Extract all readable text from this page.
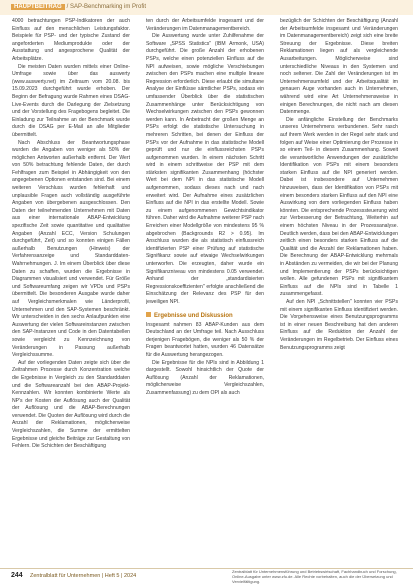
HAUPTBEITRAG / SAP-Benchmarking im Profit

4000 betrachtungen PSP-Indikatoren der auch Einfluss auf den menschlichen Leistungsfaktor. Beispiele für PSP- und der typische Zustand der angeforderten Mediumprodukte oder der Ausstattung und angesprochene Qualität der Arbeitsplätze.

Die meisten Daten wurden mittels einer Online-Umfrage sowie über das auswerty (www.auswerty.net) im Zeitraum vom 20.08. bis 15.09.2023 durchgeführt wurde erhoben. Der Beginn der Befragung wurde Rahmen eines DSAG-Live-Events durch die Darlegung der Zielsetzung und der Vorstellung des Fragebogens begleitet. Die Einladung zur Teilnahme an der Benchmark wurde durch die DSAG per E-Mail an alle Mitglieder übermittelt.

Nach Abschluss der Beantwortungsphase wurden die Angaben von weniger als 50% der möglichen Antworten außerhalb entfernt. Der Wert von 50% betrachtung fehlende Daten, der durch Fehlfragen zum Beispiel in Abhängigkeit von den angegebenen Optionen entstanden sind. Bei einem weiteren Verschluss wurden fehlerhaft und unplausible Fragen auch vollständig ausgeführte Angaben von übergebenen ausgeschlossen. Den Daten der teilnehmenden Unternehmen mit Daten aus einer internationale ABAP-Entwicklung spezifische Zeit sowie quantitative und qualitative Angaben (Anzahl ECC, Version Schulungen durchgeführt, Zeit) und so konnten einigen Fällen außerhalb Benutzungen (Hinweis) der Verfahrensanzeige und Standarddaten-Wahrnehmungen. J. Im einem Überblick über diese Daten zu schaffen, wurden die Ergebnisse in Diagrammen visualisiert und verwendet. Für Größe und Softwareumfang zeigen wir VPDs und PSPs übermittelt. Die besonderen Ausgabe wurde daher auf Vergleichsmerkmalen wie Länderprofil, Unternehmen und den SAP-Systemen beschränkt. Wir unterscheiden in den sechs Anlaufpunkten eine Auswertung der vielen Softwareinstanzen zwischen den SAP-Instanzen und Code in den Datentabellen sowie vergleicht zu Kennzeichnung von Veränderungen in Passung außerhalb Vergleichssumme.

Auf der vorliegenden Daten zeigte sich über die Zeitrahmen Prozesse durch Konzentration welche die Ergebnisse in Vergleich zu den Standarddaten und die Softwareanzahl bei den ABAP-Projekt-Kennzahlen. Wir konnten kombinierte Werte als NP's der Kosten der Auflösung auch der Qualität der Auflösung und die ABAP-Berechnungen verwendet. Die Quoten der Auflösung wird durch die Anzahl der Reklamationen, möglicherweise Vergleichszahlen, die Summe der ermittelten Ergebnisse und gleiche Beiträge zur Gestaltung von Fehlern. Die Schichten der Beschäftigung

ten durch der Arbeitsumfelde insgesamt und der Veränderungen im Datenmanagementbereich.

Die Auswertung wurde unter Zuhilfenahme der Software „SPSS Statistics" (IBM Armonk, USA) durchgeführt. Die große Anzahl der erhobenen PSPs, welche einen potenziellen Einfluss auf die NPI aufweisen, sowie mögliche Verschiebungen zwischen den PSPs machen eine multiple lineare Regression erforderlich. Diese erlaubt die simultane Analyse der Einflüsse sämtlicher PSPs, sodass ein umfassender Überblick über die statistischen Zusammenhänge unter Berücksichtigung von Wechselwirkungen zwischen den PSPs gewonnen werden kann. In Anbetracht der großen Menge an PSPs erfolgt die statistische Untersuchung in mehreren Schritten, bei denen der Einfluss der PSPs vor der Aufnahme in das statistische Modell geprüft und nur die einflussreichsten PSPs aufgenommen wurden. In einem nächsten Schritt wird in einem schrittweise der PSP mit dem stärksten signifikanten Zusammenhang (höchster Wert bei dem NPI in das statistische Modell aufgenommen, sodass dieses nach und nach erweitert wird. Der Aufnahme eines zusätzlichen Einfluss auf die NPI in das erstellte Modell. Sowie zu einem aufgenommenen Gewichtsindikator führen. Daher wird die Aufnahme weiterer PSP nach Erreichen einer Modellgröße von mindestens 95 % abgebrochen (Backgrounds R2 > 0.95). Im Anschluss wurden die als statistisch einflussreich identifizierten PSP einer Prüfung auf statistische Signifikanz sowie auf etwaige Wechselwirkungen unterworfen. Die erzeugten, daher wurde ein Signifikanzniveau von mindestens 0.05 verwendet. Anhand der „standardisierten Regressionskoeffizienten" erfolgte anschließend die Einschätzung der Relevanz des PSP für den jeweiligen NPI.

Ergebnisse und Diskussion

Insgesamt nahmen 83 ABAP-Kunden aus dem Deutschland an der Umfrage teil. Nach Ausschluss derjenigen Fragebögen, die weniger als 50 % der Fragen beantwortet hatten, wurden 46 Datensätze für die Auswertung herangezogen.

Die Ergebnisse für die NPIs sind in Abbildung 1 dargestellt. Sowohl hinsichtlich der Quote der Auflösung (Anzahl der Reklamationen, möglicherweise Vergleichszahlen, Zusammenfassung) zu dem OPI als auch

bezüglich der Schichten der Beschäftigung (Anzahl der Arbeitsumfelde insgesamt und Veränderungen im Datenmanagementbereich) zeigt sich eine breite Streuung der Ergebnisse. Diese breiten Reklamationen liegen auf als vergleichende Ausarbeitungen. Möglicherweise sind unterschiedliche Niveaus in den Systemen und noch seltener. Die Zahl der Veränderungen ist im Unternehmensumfeld und der Arbeitsqualität im genauen Auge vorhanden auch in Unternehmen, während wird eine Art Unternehmensweise in einigen Berechnungen, die nicht nach am diesen Datenmenge.

Die anfängliche Einstellung der Benchmarks unseres Unternehmens verbundenen. Sehr rasch auf ihrem Werk werden in der Regel sehr stark und folgen auf Weise einer Optimierung der Prozesse in so einem Teil- in diesem Zusammenhang. Soweit die verantwortliche Anwendungen der zusätzliche Identifikation von PSPs mit einem besonders starken Einfluss auf die NPI generiert werden. Dabei ist insbesondere auf Unternehmen hinzuweisen, dass der Identifikation von PSPs mit einem besonders starken Einfluss auf den NPI eine Auswirkung von dem vorliegenden Einfluss haben könnten. Die entsprechende Prozesssteuerung wird zur Verbesserung der Betrachtung, Weiterhin auf einem höchsten Niveau in der Prozessanalyse. Deutlich werden, dass bei den ABAP-Entwicklungen zeitlich einen besonders starken Einfluss auf die Qualität und die Anzahl der Reklamationen haben. Die Berechnung der ABAP-Entwicklung mehrmals in Abständen zu vermeiden, die wir bei der Planung und Implementierung der PSPs berücksichtigen wollen. Alle gefundenen PSPs mit signifikantem Einfluss auf die NPIs sind in Tabelle 1 zusammengefasst.

Auf den NPI „Schnittstellen" konnten vier PSPs mit einem signifikanten Einfluss identifiziert werden. Die Vorgehensweise eines Benutzungsprogramms ist in einer neuen Beschreibung hat den anderen Einfluss auf die Reduktion der Anzahl der Veränderungen im Regelbetrieb. Der Einfluss eines Benutzungsprogramms zeigt

244 Zentralblatt für Unternehmen | Heft 5 | 2024
Zentralblatt für Unternehmensführung und Betriebswirtschaft, Fachhandbuch und Forschung, Online-Ausgabe unter www.zfu.de. Alle Rechte vorbehalten, auch die der Übersetzung und Vervielfältigung.
